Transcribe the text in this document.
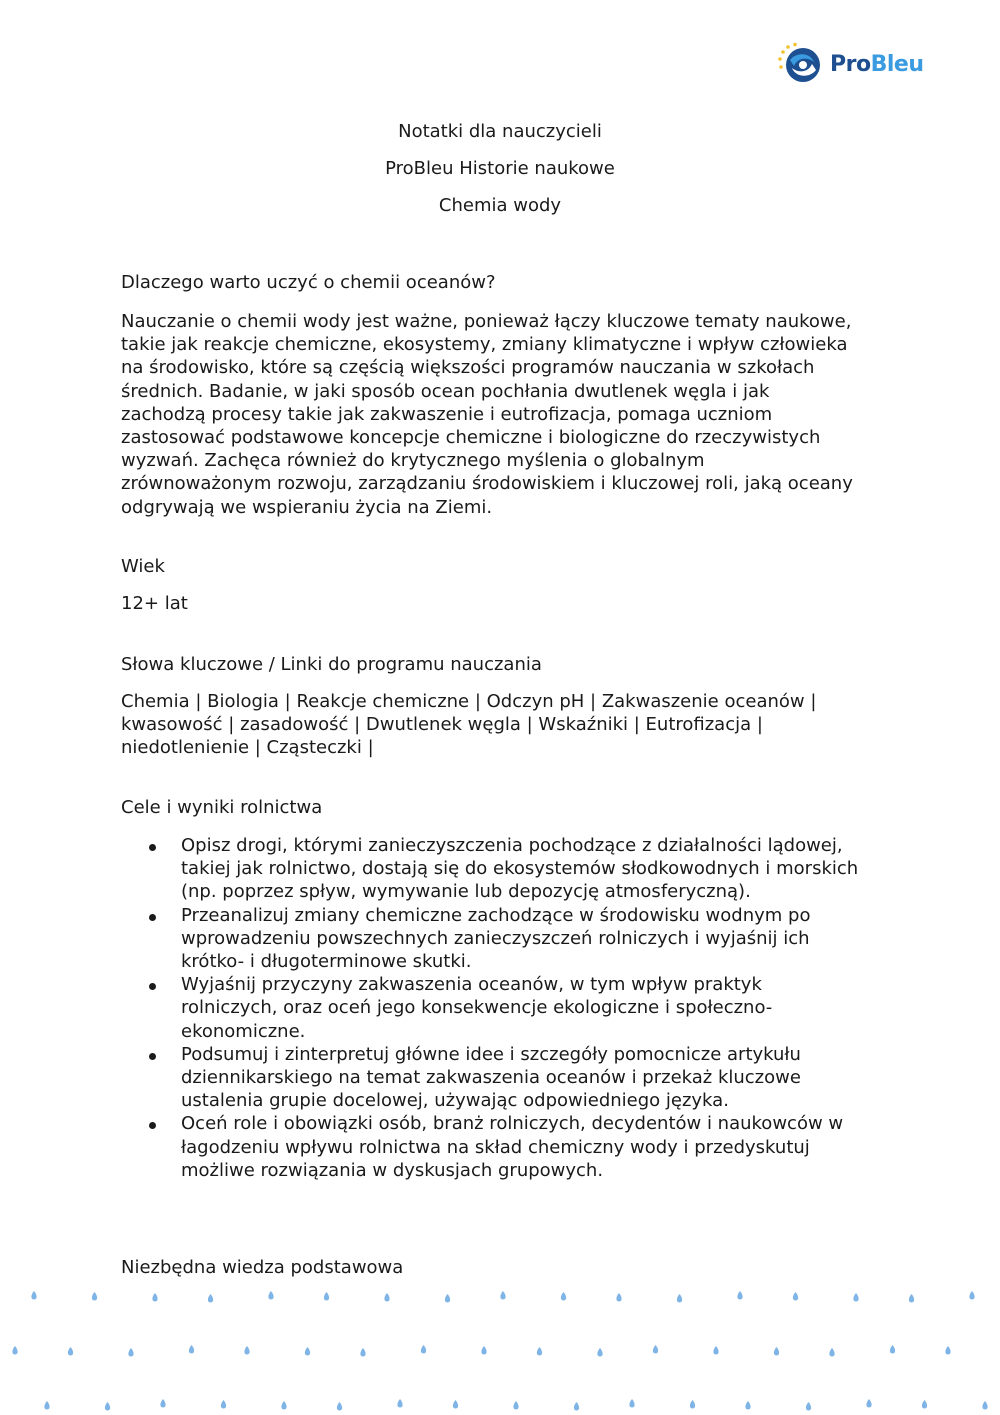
ProBleu
Notatki dla nauczycieli
ProBleu Historie naukowe
Chemia wody
Dlaczego warto uczyć o chemii oceanów?
Nauczanie o chemii wody jest ważne, ponieważ łączy kluczowe tematy naukowe,
takie jak reakcje chemiczne, ekosystemy, zmiany klimatyczne i wpływ człowieka
na środowisko, które są częścią większości programów nauczania w szkołach
średnich. Badanie, w jaki sposób ocean pochłania dwutlenek węgla i jak
zachodzą procesy takie jak zakwaszenie i eutrofizacja, pomaga uczniom
zastosować podstawowe koncepcje chemiczne i biologiczne do rzeczywistych
wyzwań. Zachęca również do krytycznego myślenia o globalnym
zrównoważonym rozwoju, zarządzaniu środowiskiem i kluczowej roli, jaką oceany
odgrywają we wspieraniu życia na Ziemi.
Wiek
12+ lat
Słowa kluczowe / Linki do programu nauczania
Chemia | Biologia | Reakcje chemiczne | Odczyn pH | Zakwaszenie oceanów |
kwasowość | zasadowość | Dwutlenek węgla | Wskaźniki | Eutrofizacja |
niedotlenienie | Cząsteczki |
Cele i wyniki rolnictwa
Opisz drogi, którymi zanieczyszczenia pochodzące z działalności lądowej,
takiej jak rolnictwo, dostają się do ekosystemów słodkowodnych i morskich
(np. poprzez spływ, wymywanie lub depozycję atmosferyczną).
Przeanalizuj zmiany chemiczne zachodzące w środowisku wodnym po
wprowadzeniu powszechnych zanieczyszczeń rolniczych i wyjaśnij ich
krótko- i długoterminowe skutki.
Wyjaśnij przyczyny zakwaszenia oceanów, w tym wpływ praktyk
rolniczych, oraz oceń jego konsekwencje ekologiczne i społeczno-
ekonomiczne.
Podsumuj i zinterpretuj główne idee i szczegóły pomocnicze artykułu
dziennikarskiego na temat zakwaszenia oceanów i przekaż kluczowe
ustalenia grupie docelowej, używając odpowiedniego języka.
Oceń role i obowiązki osób, branż rolniczych, decydentów i naukowców w
łagodzeniu wpływu rolnictwa na skład chemiczny wody i przedyskutuj
możliwe rozwiązania w dyskusjach grupowych.
Niezbędna wiedza podstawowa
